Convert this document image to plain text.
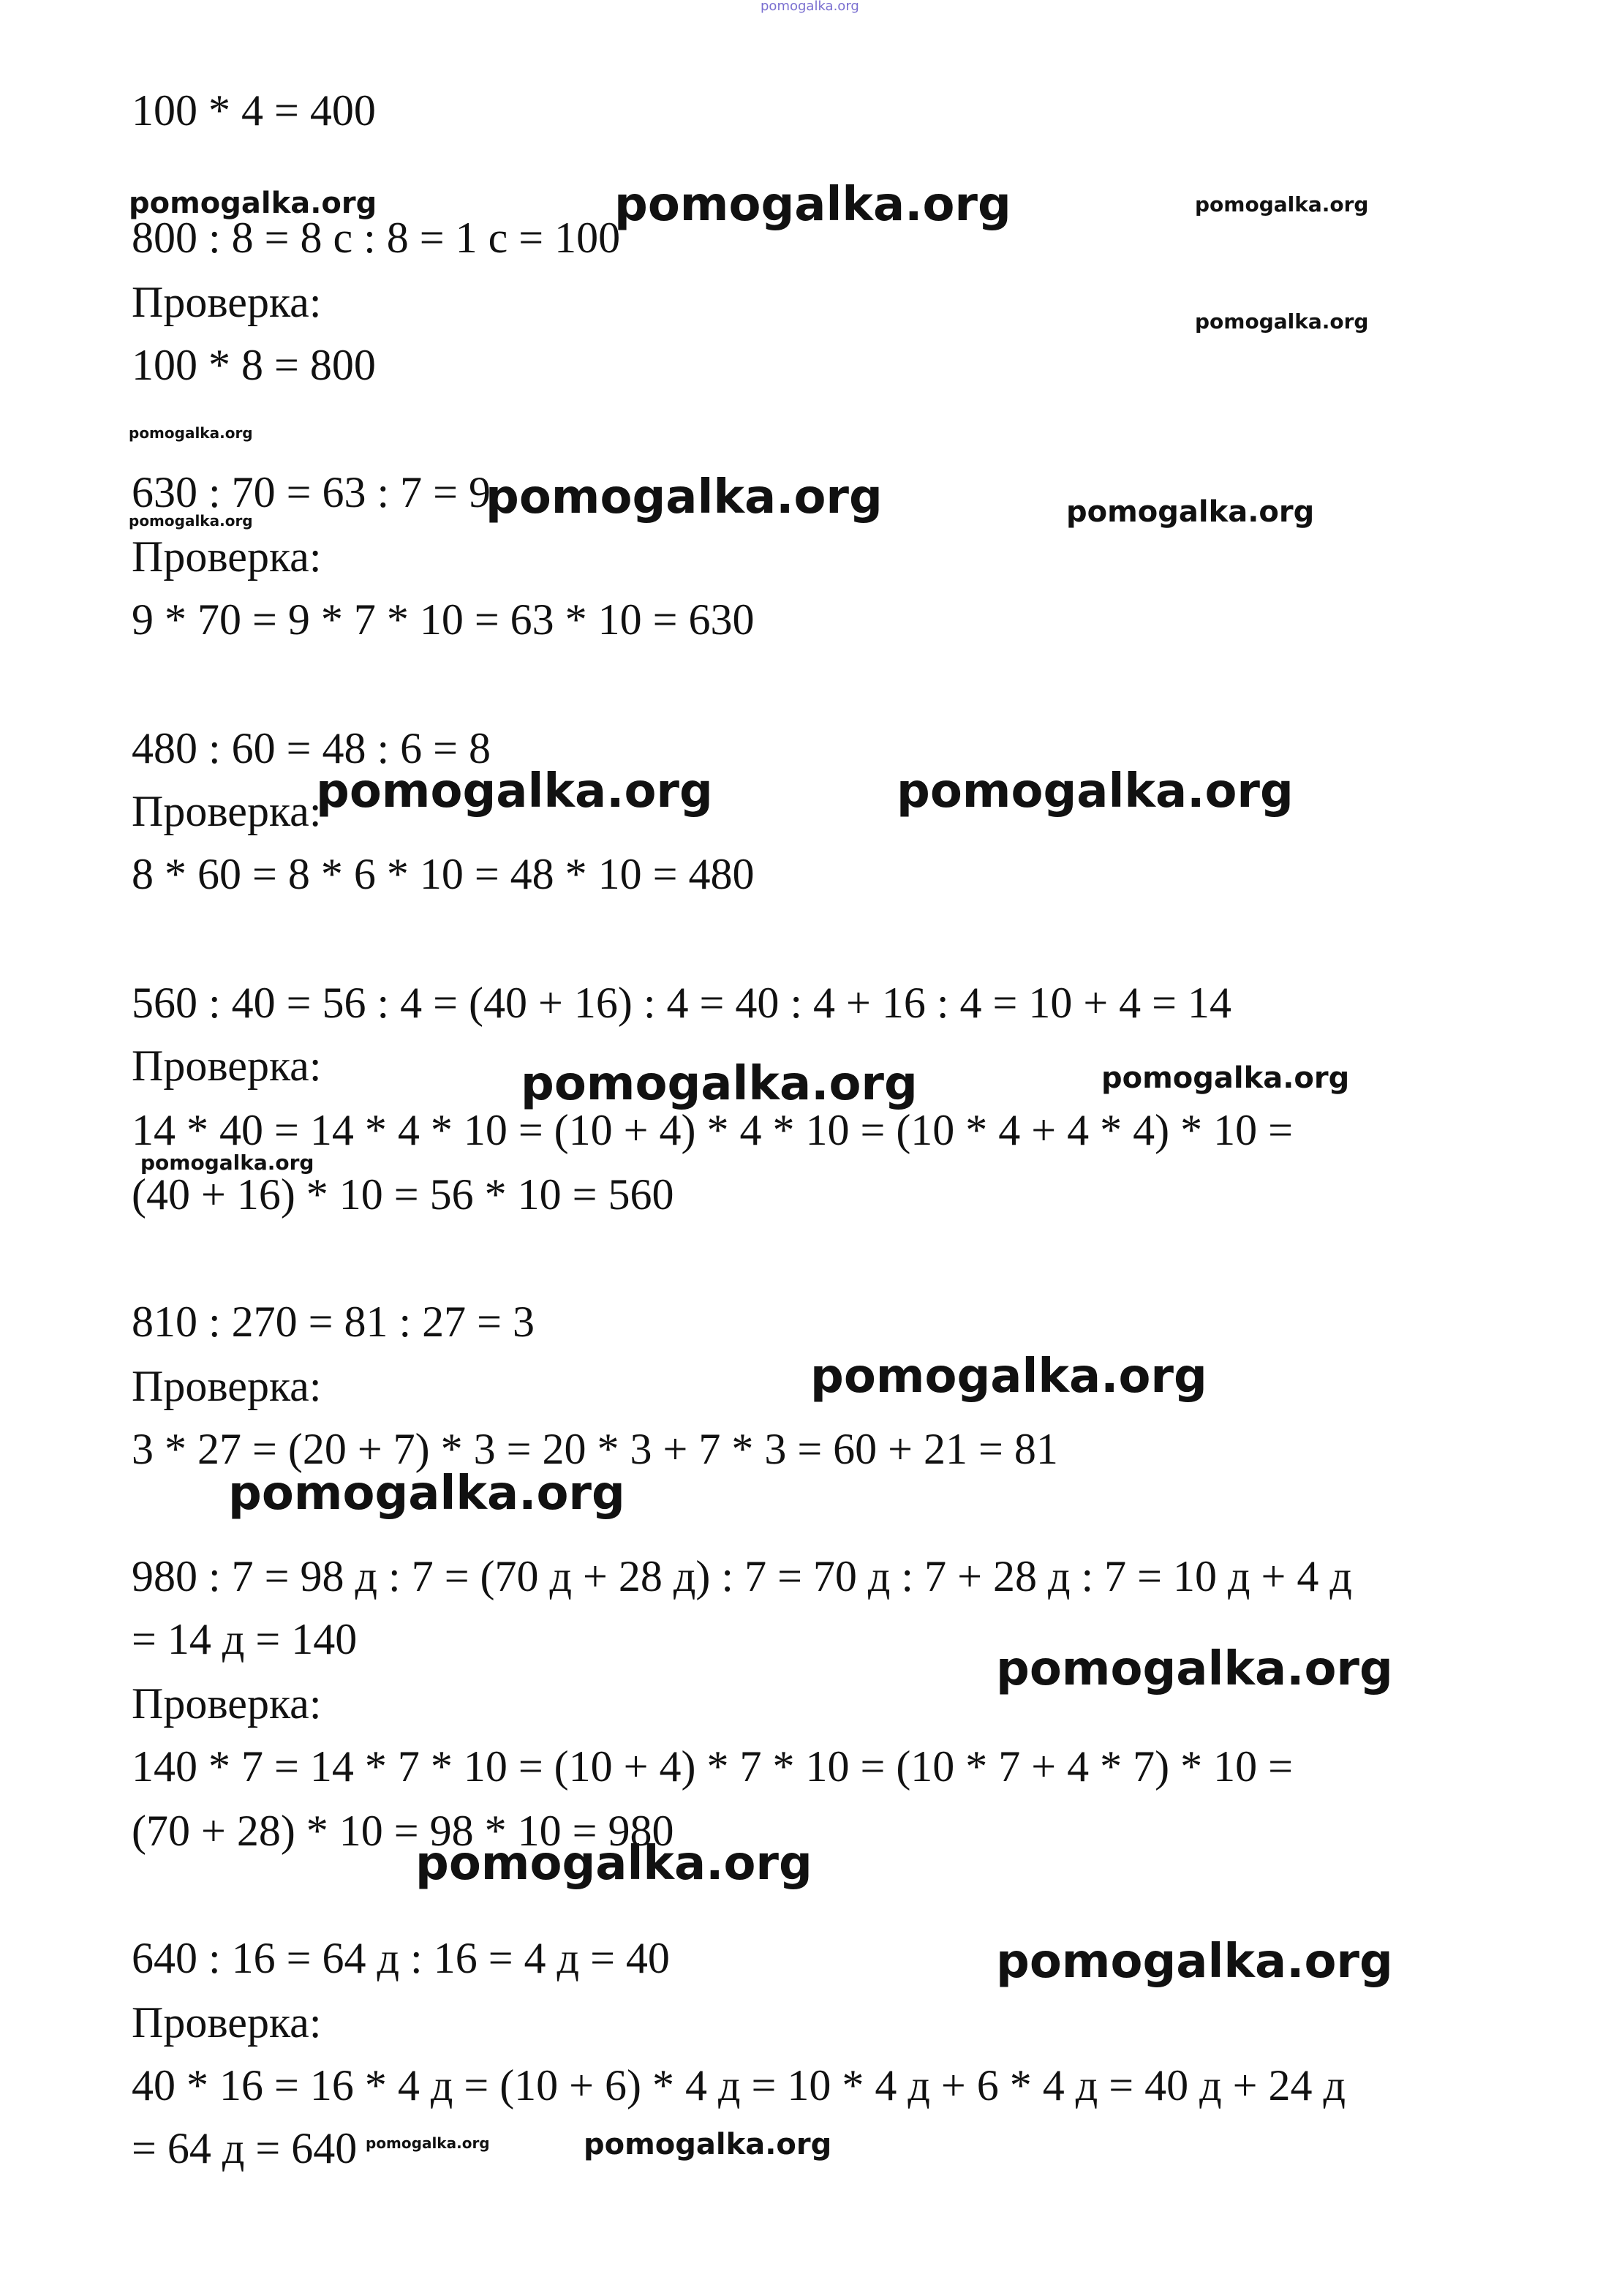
pomogalka.org
pomogalka.org	pomogalka.org	pomogalka.org
pomogalka.org
pomogalka.org
pomogalka.org	pomogalka.org
pomogalka.org
pomogalka.org	pomogalka.org
pomogalka.org	pomogalka.org
pomogalka.org
pomogalka.org
pomogalka.org
pomogalka.org
pomogalka.org
pomogalka.org
pomogalka.org	pomogalka.org
100 * 4 = 400
800 : 8 = 8 с : 8 = 1 с = 100
Проверка:
100 * 8 = 800
630 : 70 = 63 : 7 = 9
Проверка:
9 * 70 = 9 * 7 * 10 = 63 * 10 = 630
480 : 60 = 48 : 6 = 8
Проверка:
8 * 60 = 8 * 6 * 10 = 48 * 10 = 480
560 : 40 = 56 : 4 = (40 + 16) : 4 = 40 : 4 + 16 : 4 = 10 + 4 = 14
Проверка:
14 * 40 = 14 * 4 * 10 = (10 + 4) * 4 * 10 = (10 * 4 + 4 * 4) * 10 =
(40 + 16) * 10 = 56 * 10 = 560
810 : 270 = 81 : 27 = 3
Проверка:
3 * 27 = (20 + 7) * 3 = 20 * 3 + 7 * 3 = 60 + 21 = 81
980 : 7 = 98 д : 7 = (70 д + 28 д) : 7 = 70 д : 7 + 28 д : 7 = 10 д + 4 д
= 14 д = 140
Проверка:
140 * 7 = 14 * 7 * 10 = (10 + 4) * 7 * 10 = (10 * 7 + 4 * 7) * 10 =
(70 + 28) * 10 = 98 * 10 = 980
640 : 16 = 64 д : 16 = 4 д = 40
Проверка:
40 * 16 = 16 * 4 д = (10 + 6) * 4 д = 10 * 4 д + 6 * 4 д = 40 д + 24 д
= 64 д = 640
